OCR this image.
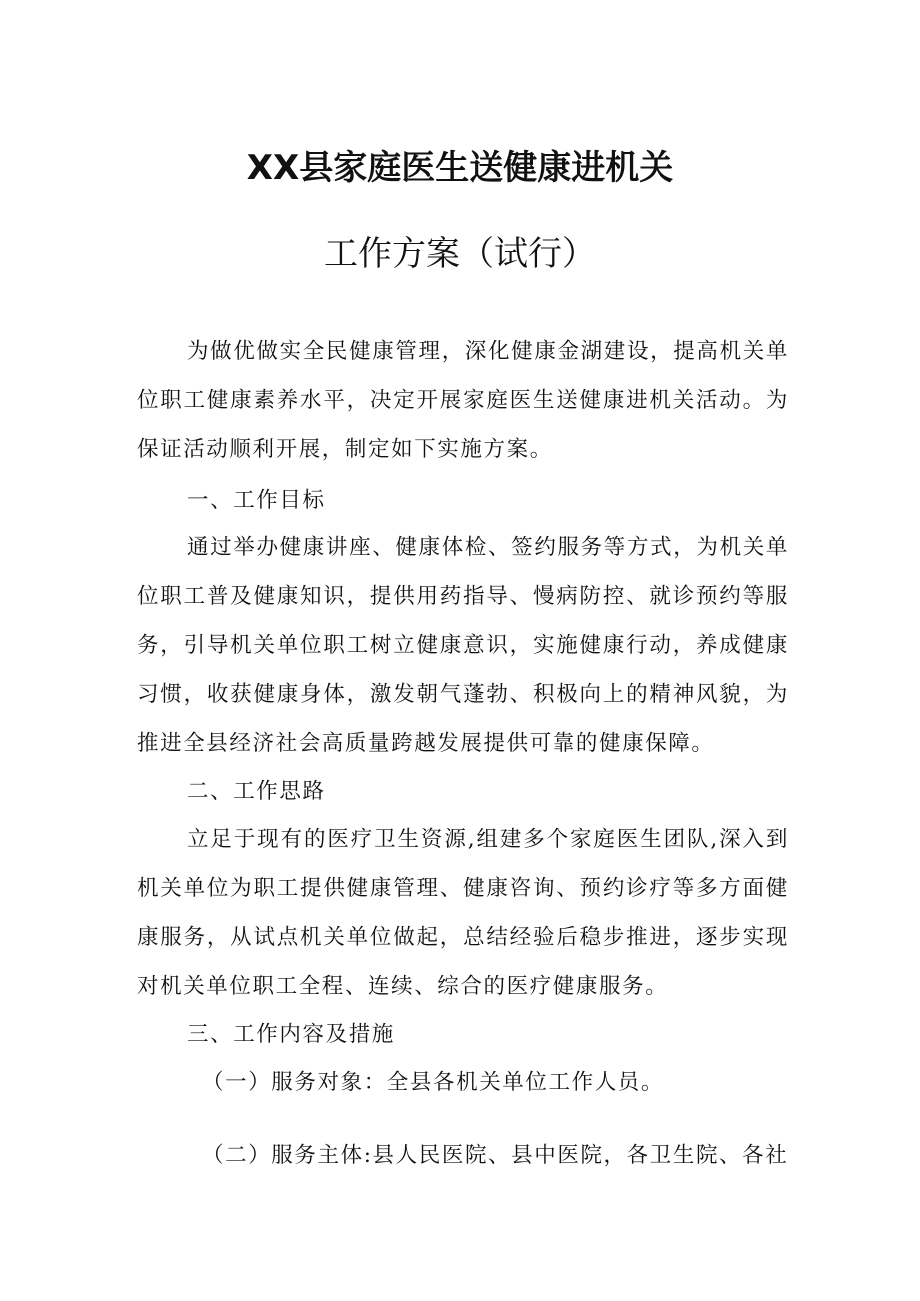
XX县家庭医生送健康进机关
工作方案（试行）

为做优做实全民健康管理，深化健康金湖建设，提高机关单位职工健康素养水平，决定开展家庭医生送健康进机关活动。为保证活动顺利开展，制定如下实施方案。

一、工作目标

通过举办健康讲座、健康体检、签约服务等方式，为机关单位职工普及健康知识，提供用药指导、慢病防控、就诊预约等服务，引导机关单位职工树立健康意识，实施健康行动，养成健康习惯，收获健康身体，激发朝气蓬勃、积极向上的精神风貌，为推进全县经济社会高质量跨越发展提供可靠的健康保障。

二、工作思路

立足于现有的医疗卫生资源,组建多个家庭医生团队,深入到机关单位为职工提供健康管理、健康咨询、预约诊疗等多方面健康服务，从试点机关单位做起，总结经验后稳步推进，逐步实现对机关单位职工全程、连续、综合的医疗健康服务。

三、工作内容及措施

（一）服务对象：全县各机关单位工作人员。

（二）服务主体:县人民医院、县中医院，各卫生院、各社
